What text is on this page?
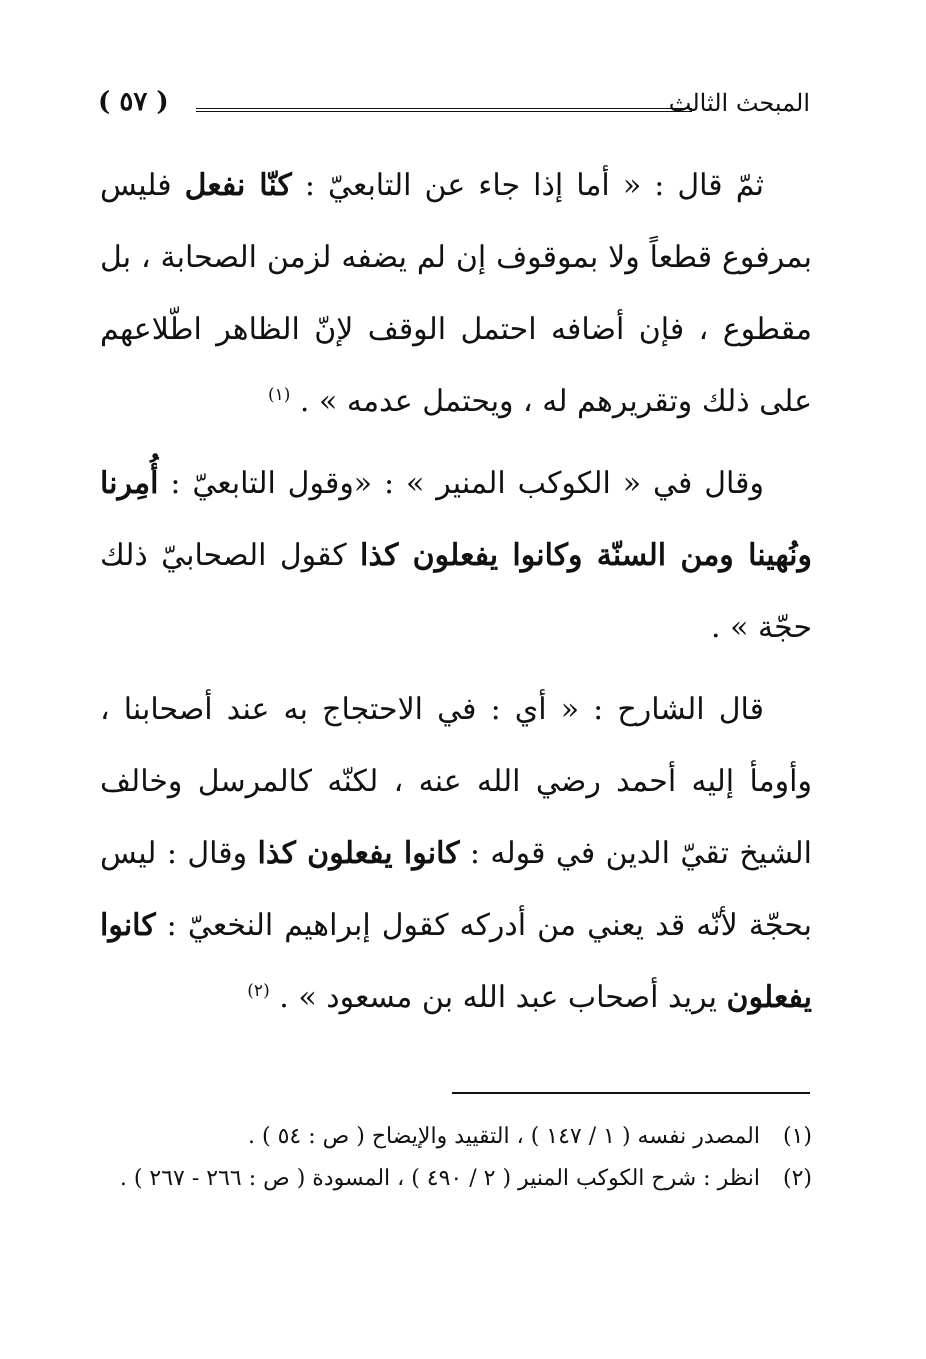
المبحث الثالث
( ٥٧ )

ثمّ قال : « أما إذا جاء عن التابعيّ : كنّا نفعل فليس بمرفوع قطعاً ولا بموقوف إن لم يضفه لزمن الصحابة ، بل مقطوع ، فإن أضافه احتمل الوقف لإنّ الظاهر اطّلاعهم على ذلك وتقريرهم له ، ويحتمل عدمه » . $^{(١)}$

وقال في « الكوكب المنير » : «وقول التابعيّ : أُمِرنا ونُهينا ومن السنّة وكانوا يفعلون كذا كقول الصحابيّ ذلك حجّة » .

قال الشارح : « أي : في الاحتجاج به عند أصحابنا ، وأومأ إليه أحمد رضي الله عنه ، لكنّه كالمرسل وخالف الشيخ تقيّ الدين في قوله : كانوا يفعلون كذا وقال : ليس بحجّة لأنّه قد يعني من أدركه كقول إبراهيم النخعيّ : كانوا يفعلون يريد أصحاب عبد الله بن مسعود » . $^{(٢)}$

(١)
المصدر نفسه ( ١ / ١٤٧ ) ، التقييد والإيضاح ( ص : ٥٤ ) .
(٢)
انظر : شرح الكوكب المنير ( ٢ / ٤٩٠ ) ، المسودة ( ص : ٢٦٦ - ٢٦٧ ) .
